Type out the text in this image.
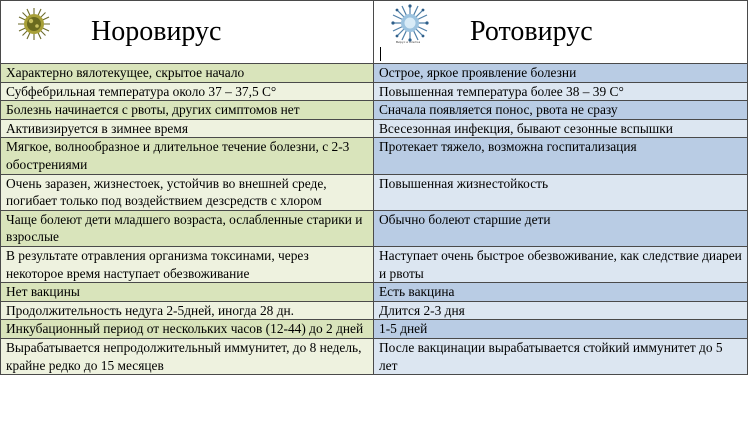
Норовирус	Вирус и клетка Ротовирус

Характерно вялотекущее, скрытое начало	Острое, яркое проявление болезни
Субфебрильная температура около 37 – 37,5 С°	Повышенная температура более 38 – 39 С°
Болезнь начинается с рвоты, других симптомов нет	Сначала появляется понос, рвота не сразу
Активизируется в зимнее время	Всесезонная инфекция, бывают сезонные вспышки
Мягкое, волнообразное и длительное течение болезни, с 2-3 обострениями	Протекает тяжело, возможна госпитализация
Очень заразен, жизнестоек, устойчив во внешней среде, погибает только под воздействием дезсредств с хлором	Повышенная жизнестойкость
Чаще болеют дети младшего возраста, ослабленные старики и взрослые	Обычно болеют старшие дети
В результате отравления организма токсинами, через некоторое время наступает обезвоживание	Наступает очень быстрое обезвоживание, как следствие диареи и рвоты
Нет вакцины	Есть вакцина
Продолжительность недуга 2-5дней, иногда 28 дн.	Длится 2-3 дня
Инкубационный период от нескольких часов (12-44) до 2 дней	1-5 дней
Вырабатывается непродолжительный иммунитет, до 8 недель, крайне редко до 15 месяцев	После вакцинации вырабатывается стойкий иммунитет до 5 лет
